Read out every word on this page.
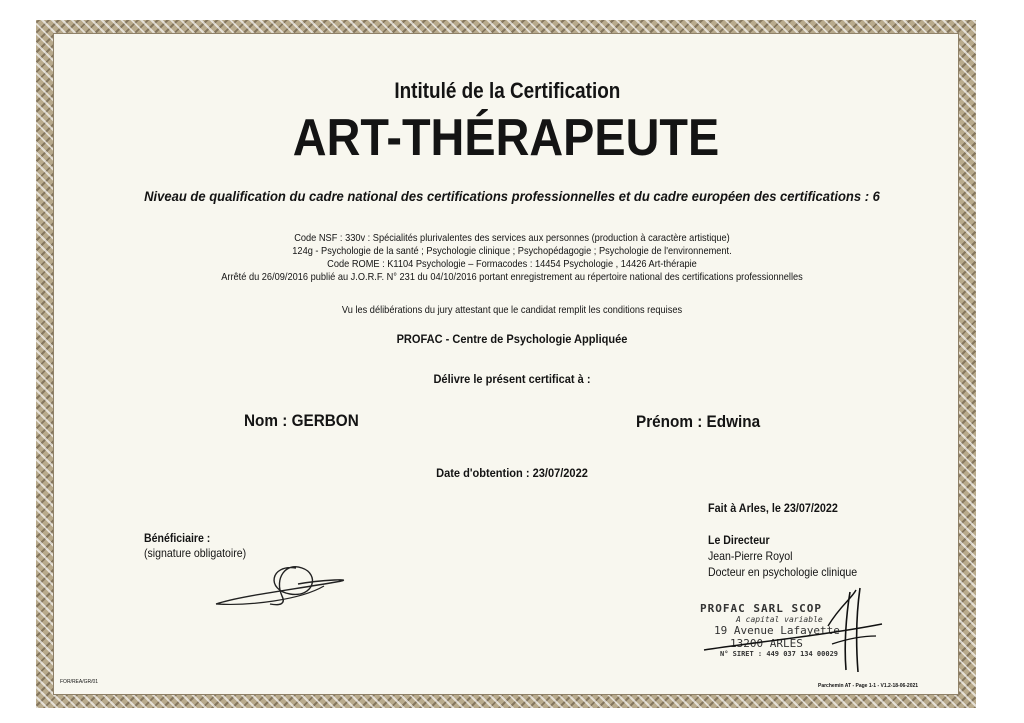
Intitulé de la Certification
ART-THÉRAPEUTE
Niveau de qualification du cadre national des certifications professionnelles et du cadre européen des certifications : 6
Code NSF : 330v : Spécialités plurivalentes des services aux personnes (production à caractère artistique)
124g - Psychologie de la santé ; Psychologie clinique ; Psychopédagogie ; Psychologie de l'environnement.
Code ROME : K1104 Psychologie – Formacodes : 14454 Psychologie , 14426 Art-thérapie
Arrêté du 26/09/2016 publié au J.O.R.F. N° 231 du 04/10/2016 portant enregistrement au répertoire national des certifications professionnelles
Vu les délibérations du jury attestant que le candidat remplit les conditions requises
PROFAC - Centre de Psychologie Appliquée
Délivre le présent certificat à :
Nom : GERBON	Prénom : Edwina
Date d'obtention : 23/07/2022
Fait à Arles, le 23/07/2022
Le Directeur
Jean-Pierre Royol
Docteur en psychologie clinique
Bénéficiaire :
(signature obligatoire)
PROFAC SARL SCOP
A capital variable
19 Avenue Lafayette
13200 ARLES
N° SIRET : 449 037 134 00029
FOR/REA/GR/01
Parchemin AT - Page 1-1 - V1.2-18-06-2021
